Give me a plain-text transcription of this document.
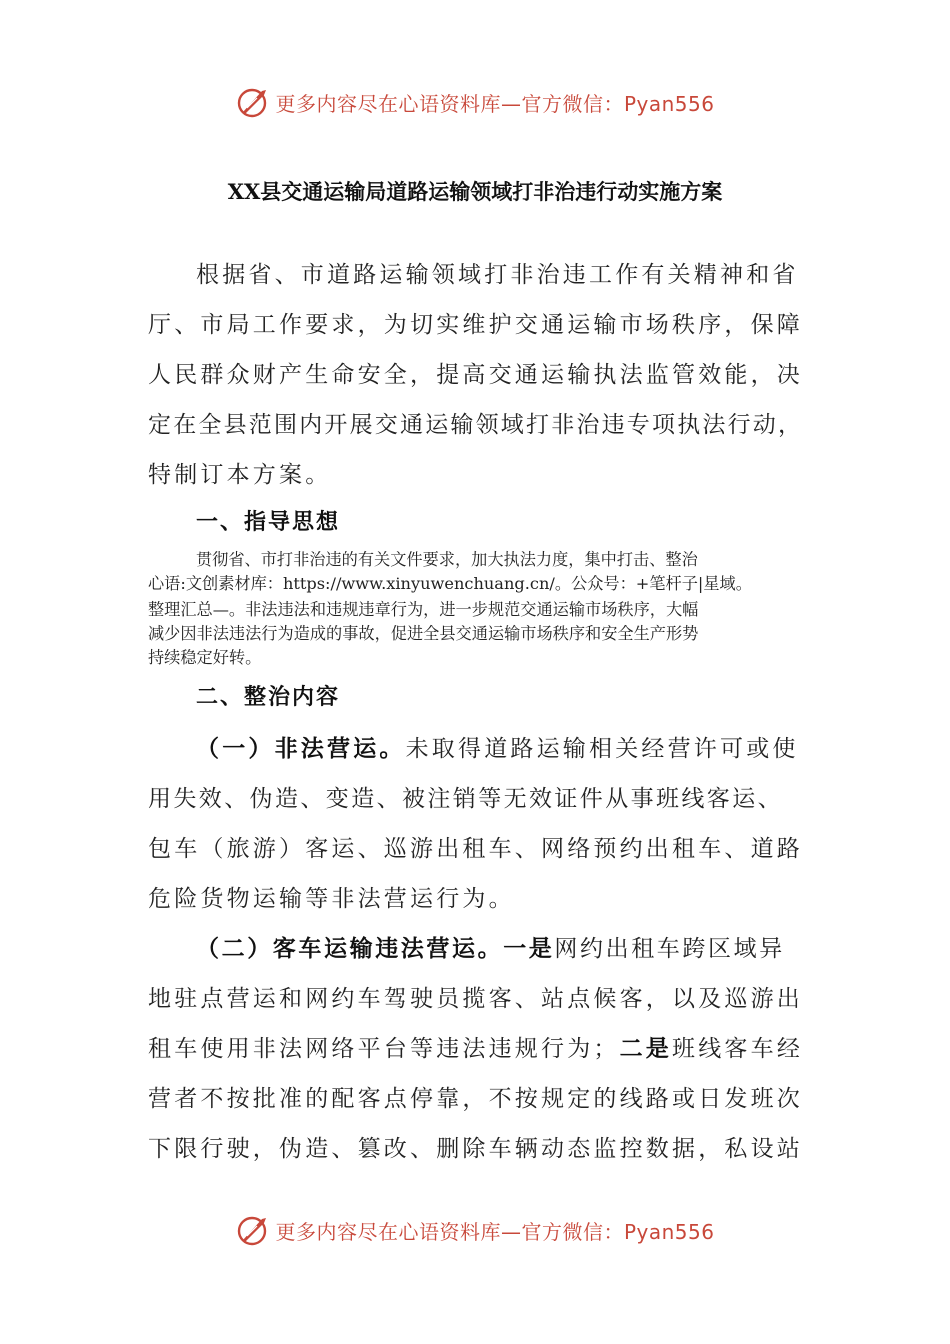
更多内容尽在心语资料库—官方微信：Pyan556
XX县交通运输局道路运输领域打非治违行动实施方案
根据省、市道路运输领域打非治违工作有关精神和省
厅、市局工作要求，为切实维护交通运输市场秩序，保障
人民群众财产生命安全，提高交通运输执法监管效能，决
定在全县范围内开展交通运输领域打非治违专项执法行动，
特制订本方案。
一、指导思想
贯彻省、市打非治违的有关文件要求，加大执法力度，集中打击、整治
心语:文创素材库：https://www.xinyuwenchuang.cn/。公众号：+笔杆子|星域。
整理汇总—。非法违法和违规违章行为，进一步规范交通运输市场秩序，大幅
减少因非法违法行为造成的事故，促进全县交通运输市场秩序和安全生产形势
持续稳定好转。
二、整治内容
（一）非法营运。未取得道路运输相关经营许可或使
用失效、伪造、变造、被注销等无效证件从事班线客运、
包车（旅游）客运、巡游出租车、网络预约出租车、道路
危险货物运输等非法营运行为。
（二）客车运输违法营运。一是网约出租车跨区域异
地驻点营运和网约车驾驶员揽客、站点候客，以及巡游出
租车使用非法网络平台等违法违规行为；二是班线客车经
营者不按批准的配客点停靠，不按规定的线路或日发班次
下限行驶，伪造、篡改、删除车辆动态监控数据，私设站
更多内容尽在心语资料库—官方微信：Pyan556
